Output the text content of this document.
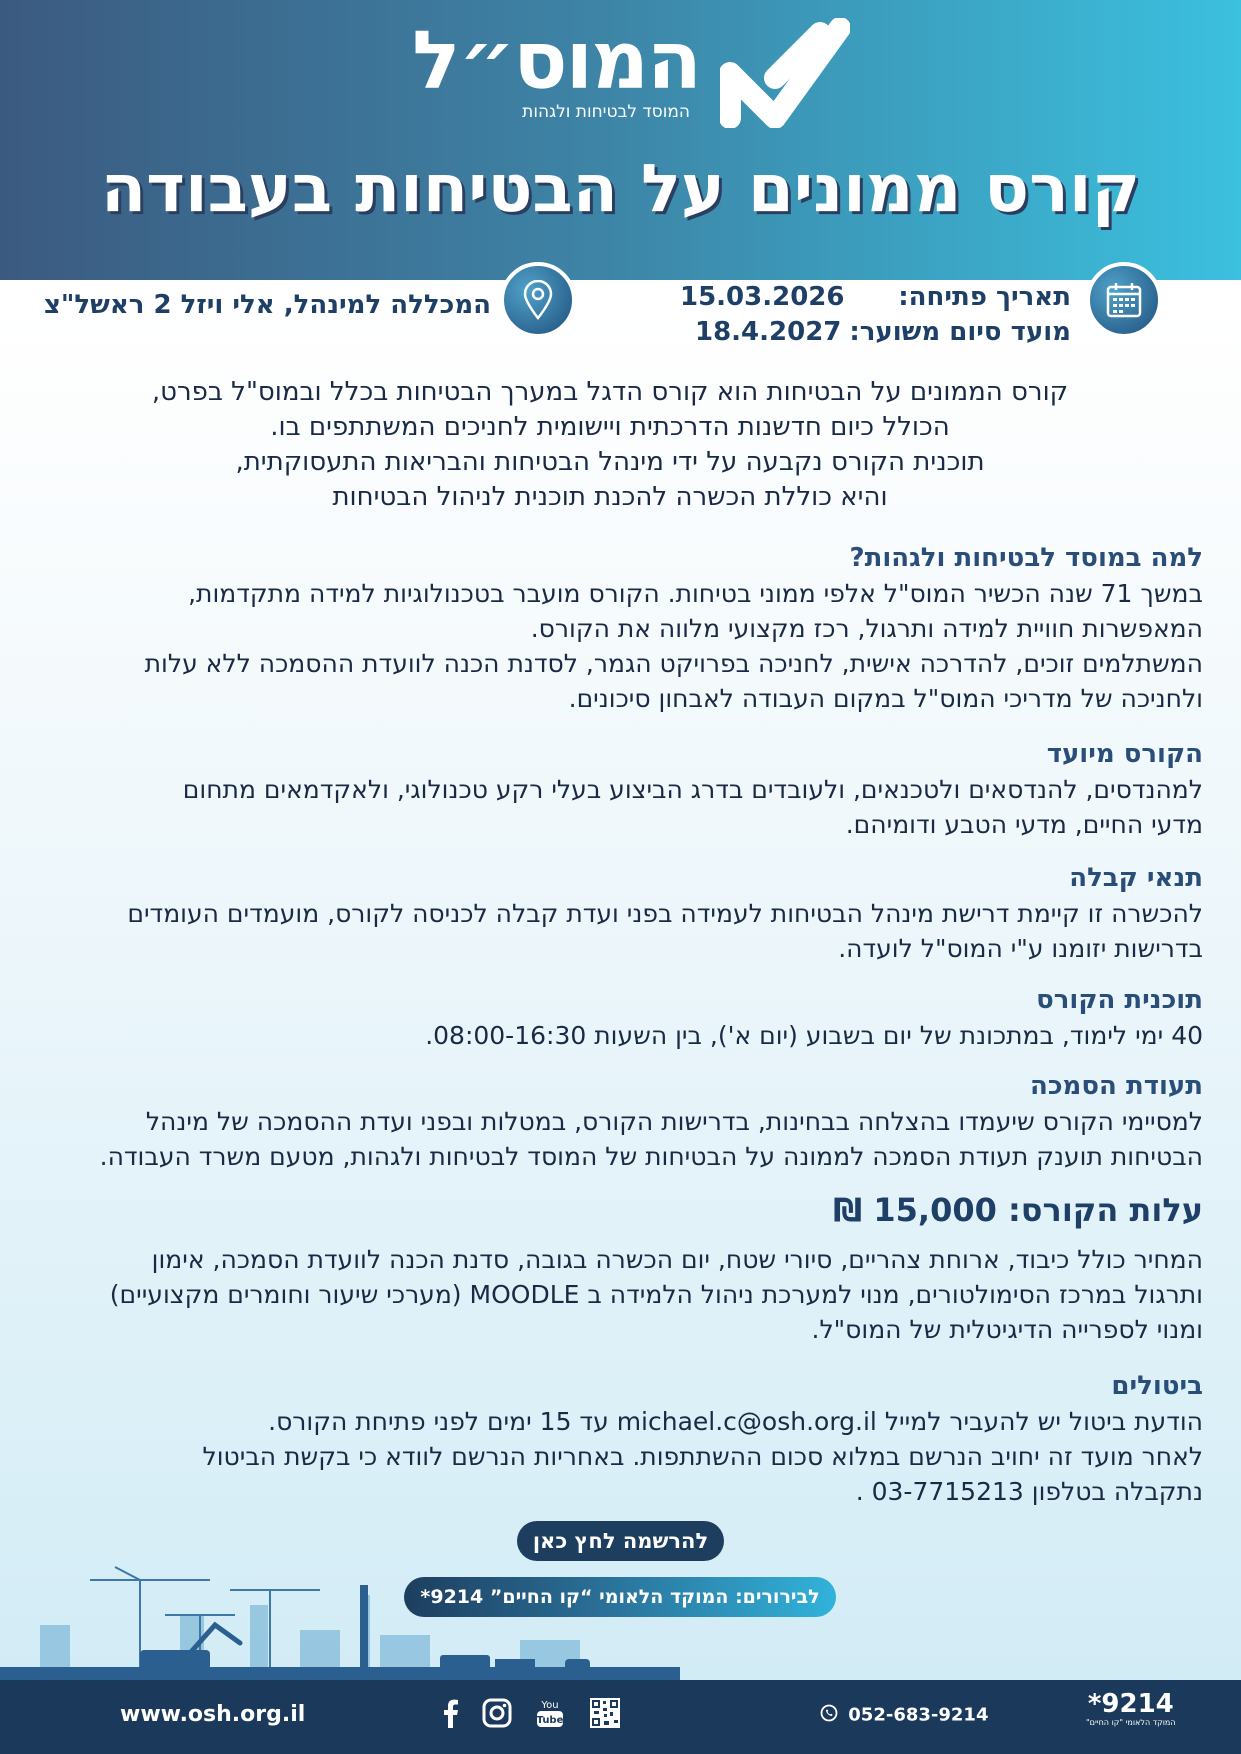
המוס״ל
המוסד לבטיחות ולגהות
קורס ממונים על הבטיחות בעבודה
תאריך פתיחה:
15.03.2026
מועד סיום משוער:
18.4.2027
המכללה למינהל, אלי ויזל 2 ראשל"צ
קורס הממונים על הבטיחות הוא קורס הדגל במערך הבטיחות בכלל ובמוס"ל בפרט,
הכולל כיום חדשנות הדרכתית ויישומית לחניכים המשתתפים בו.
תוכנית הקורס נקבעה על ידי מינהל הבטיחות והבריאות התעסוקתית,
והיא כוללת הכשרה להכנת תוכנית לניהול הבטיחות
למה במוסד לבטיחות ולגהות?
במשך 71 שנה הכשיר המוס"ל אלפי ממוני בטיחות. הקורס מועבר בטכנולוגיות למידה מתקדמות,
המאפשרות חוויית למידה ותרגול, רכז מקצועי מלווה את הקורס.
המשתלמים זוכים, להדרכה אישית, לחניכה בפרויקט הגמר, לסדנת הכנה לוועדת ההסמכה ללא עלות
ולחניכה של מדריכי המוס"ל במקום העבודה לאבחון סיכונים.
הקורס מיועד
למהנדסים, להנדסאים ולטכנאים, ולעובדים בדרג הביצוע בעלי רקע טכנולוגי, ולאקדמאים מתחום
מדעי החיים, מדעי הטבע ודומיהם.
תנאי קבלה
להכשרה זו קיימת דרישת מינהל הבטיחות לעמידה בפני ועדת קבלה לכניסה לקורס, מועמדים העומדים
בדרישות יזומנו ע"י המוס"ל לועדה.
תוכנית הקורס
40 ימי לימוד, במתכונת של יום בשבוע (יום א'), בין השעות 08:00-16:30.
תעודת הסמכה
למסיימי הקורס שיעמדו בהצלחה בבחינות, בדרישות הקורס, במטלות ובפני ועדת ההסמכה של מינהל
הבטיחות תוענק תעודת הסמכה לממונה על הבטיחות של המוסד לבטיחות ולגהות, מטעם משרד העבודה.
עלות הקורס: 15,000 ₪
המחיר כולל כיבוד, ארוחת צהריים, סיורי שטח, יום הכשרה בגובה, סדנת הכנה לוועדת הסמכה, אימון
ותרגול במרכז הסימולטורים, מנוי למערכת ניהול הלמידה ב MOODLE (מערכי שיעור וחומרים מקצועיים)
ומנוי לספרייה הדיגיטלית של המוס"ל.
ביטולים
הודעת ביטול יש להעביר למייל michael.c@osh.org.il עד 15 ימים לפני פתיחת הקורס.
לאחר מועד זה יחויב הנרשם במלוא סכום ההשתתפות. באחריות הנרשם לוודא כי בקשת הביטול
נתקבלה בטלפון 03-7715213 .
להרשמה לחץ כאן
לבירורים: המוקד הלאומי “קו החיים” 9214*
www.osh.org.il	You
Tube	052-683-9214	*9214
המוקד הלאומי "קו החיים"
